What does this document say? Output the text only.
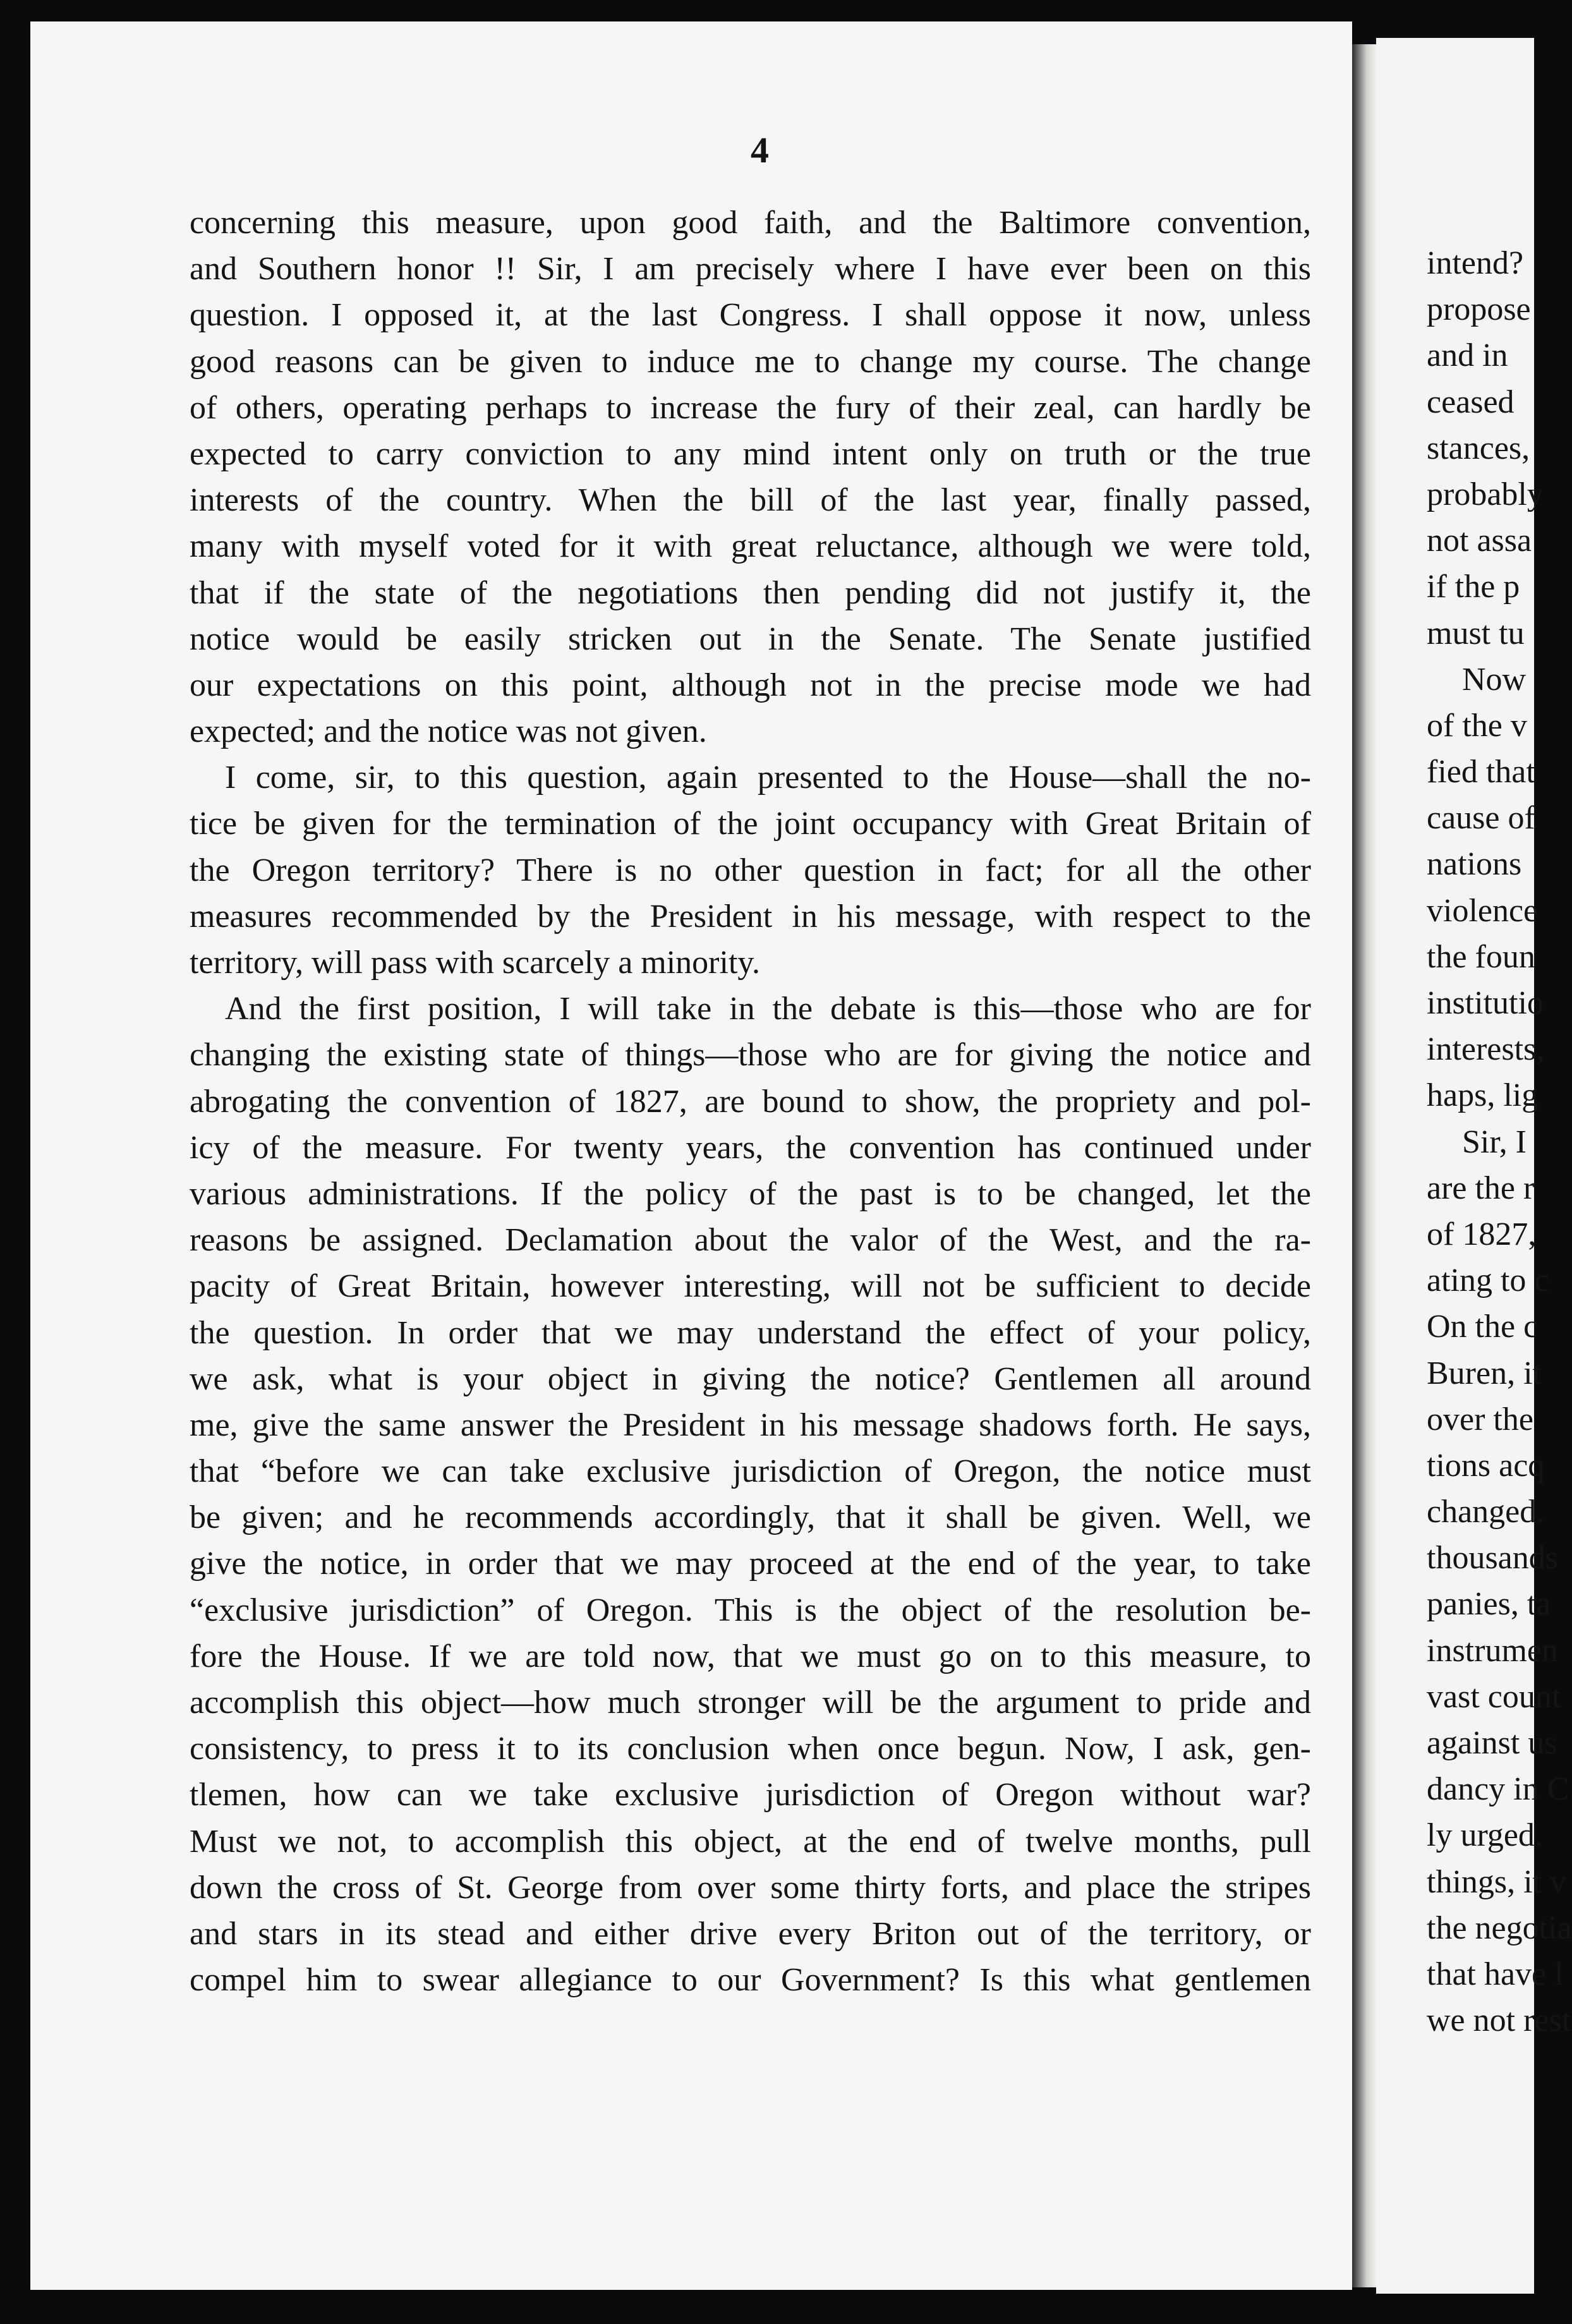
4
concerning this measure, upon good faith, and the Baltimore convention,
and Southern honor !! Sir, I am precisely where I have ever been on this
question. I opposed it, at the last Congress. I shall oppose it now, unless
good reasons can be given to induce me to change my course. The change
of others, operating perhaps to increase the fury of their zeal, can hardly be
expected to carry conviction to any mind intent only on truth or the true
interests of the country. When the bill of the last year, finally passed,
many with myself voted for it with great reluctance, although we were told,
that if the state of the negotiations then pending did not justify it, the
notice would be easily stricken out in the Senate. The Senate justified
our expectations on this point, although not in the precise mode we had
expected; and the notice was not given.
I come, sir, to this question, again presented to the House—shall the no-
tice be given for the termination of the joint occupancy with Great Britain of
the Oregon territory? There is no other question in fact; for all the other
measures recommended by the President in his message, with respect to the
territory, will pass with scarcely a minority.
And the first position, I will take in the debate is this—those who are for
changing the existing state of things—those who are for giving the notice and
abrogating the convention of 1827, are bound to show, the propriety and pol-
icy of the measure. For twenty years, the convention has continued under
various administrations. If the policy of the past is to be changed, let the
reasons be assigned. Declamation about the valor of the West, and the ra-
pacity of Great Britain, however interesting, will not be sufficient to decide
the question. In order that we may understand the effect of your policy,
we ask, what is your object in giving the notice? Gentlemen all around
me, give the same answer the President in his message shadows forth. He says,
that “before we can take exclusive jurisdiction of Oregon, the notice must
be given; and he recommends accordingly, that it shall be given. Well, we
give the notice, in order that we may proceed at the end of the year, to take
“exclusive jurisdiction” of Oregon. This is the object of the resolution be-
fore the House. If we are told now, that we must go on to this measure, to
accomplish this object—how much stronger will be the argument to pride and
consistency, to press it to its conclusion when once begun. Now, I ask, gen-
tlemen, how can we take exclusive jurisdiction of Oregon without war?
Must we not, to accomplish this object, at the end of twelve months, pull
down the cross of St. George from over some thirty forts, and place the stripes
and stars in its stead and either drive every Briton out of the territory, or
compel him to swear allegiance to our Government? Is this what gentlemen
intend?
propose
and in
ceased
stances,
probably
not assa
if the p
must tu
Now
of the v
fied that
cause of
nations
violence
the foun
institutio
interests,
haps, lig
Sir, I
are the r
of 1827,
ating to c
On the c
Buren, it
over the
tions acq
changed.
thousands
panies, ta
instrumen
vast count
against us
dancy in C
ly urged.
things, it v
the negotia
that have l
we not rest
